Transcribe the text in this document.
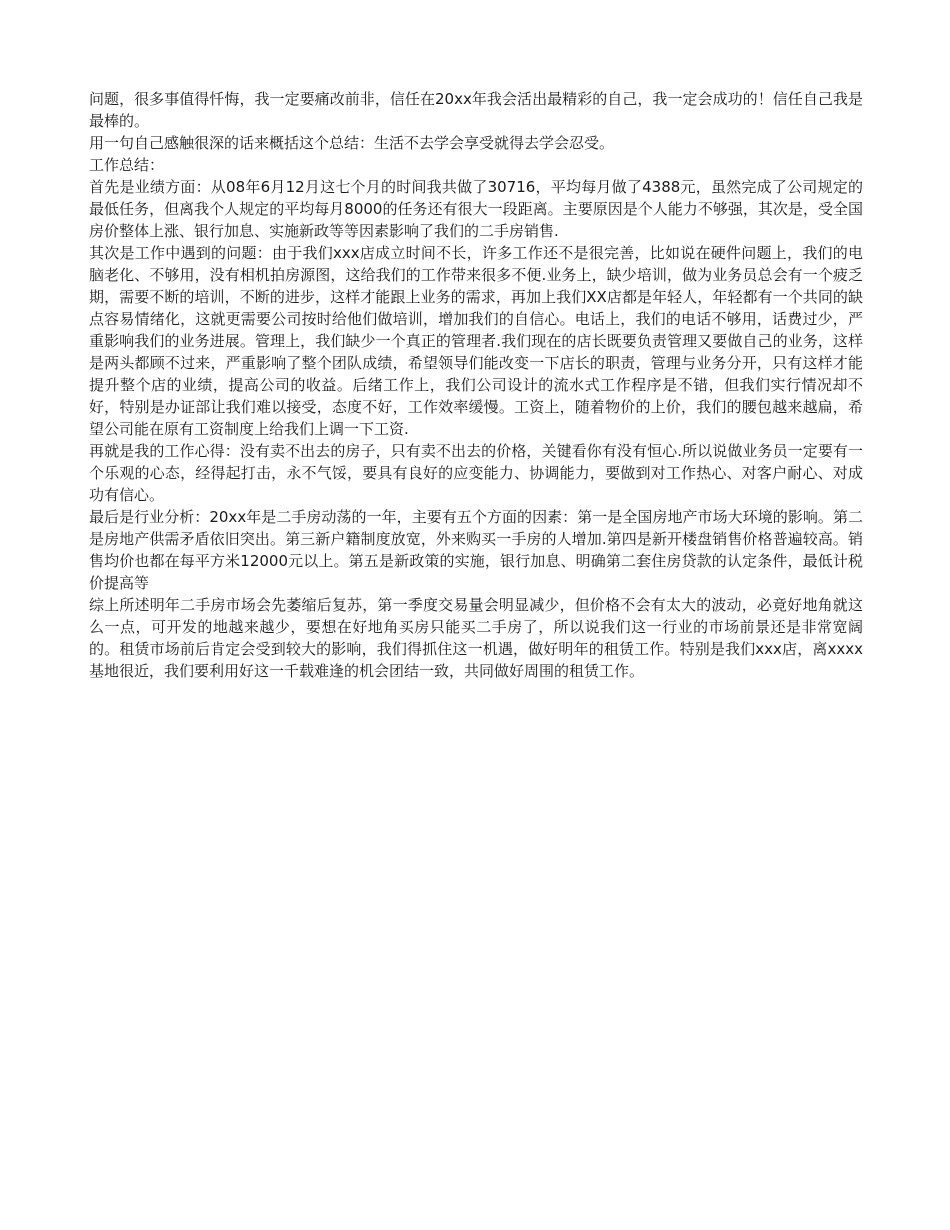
问题，很多事值得忏悔，我一定要痛改前非，信任在20xx年我会活出最精彩的自己，我一定会成功的！信任自己我是最棒的。

用一句自己感触很深的话来概括这个总结：生活不去学会享受就得去学会忍受。

工作总结：

首先是业绩方面：从08年6月12月这七个月的时间我共做了30716，平均每月做了4388元，虽然完成了公司规定的最低任务，但离我个人规定的平均每月8000的任务还有很大一段距离。主要原因是个人能力不够强，其次是，受全国房价整体上涨、银行加息、实施新政等等因素影响了我们的二手房销售.

其次是工作中遇到的问题：由于我们xxx店成立时间不长，许多工作还不是很完善，比如说在硬件问题上，我们的电脑老化、不够用，没有相机拍房源图，这给我们的工作带来很多不便.业务上，缺少培训，做为业务员总会有一个疲乏期，需要不断的培训，不断的进步，这样才能跟上业务的需求，再加上我们XX店都是年轻人，年轻都有一个共同的缺点容易情绪化，这就更需要公司按时给他们做培训，增加我们的自信心。电话上，我们的电话不够用，话费过少，严重影响我们的业务进展。管理上，我们缺少一个真正的管理者.我们现在的店长既要负责管理又要做自己的业务，这样是两头都顾不过来，严重影响了整个团队成绩，希望领导们能改变一下店长的职责，管理与业务分开，只有这样才能提升整个店的业绩，提高公司的收益。后绪工作上，我们公司设计的流水式工作程序是不错，但我们实行情况却不好，特别是办证部让我们难以接受，态度不好，工作效率缓慢。工资上，随着物价的上价，我们的腰包越来越扁，希望公司能在原有工资制度上给我们上调一下工资.

再就是我的工作心得：没有卖不出去的房子，只有卖不出去的价格，关键看你有没有恒心.所以说做业务员一定要有一个乐观的心态，经得起打击，永不气馁，要具有良好的应变能力、协调能力，要做到对工作热心、对客户耐心、对成功有信心。

最后是行业分析：20xx年是二手房动荡的一年，主要有五个方面的因素：第一是全国房地产市场大环境的影响。第二是房地产供需矛盾依旧突出。第三新户籍制度放宽，外来购买一手房的人增加.第四是新开楼盘销售价格普遍较高。销售均价也都在每平方米12000元以上。第五是新政策的实施，银行加息、明确第二套住房贷款的认定条件，最低计税价提高等

综上所述明年二手房市场会先萎缩后复苏，第一季度交易量会明显减少，但价格不会有太大的波动，必竟好地角就这么一点，可开发的地越来越少，要想在好地角买房只能买二手房了，所以说我们这一行业的市场前景还是非常宽阔的。租赁市场前后肯定会受到较大的影响，我们得抓住这一机遇，做好明年的租赁工作。特别是我们xxx店，离xxxx基地很近，我们要利用好这一千载难逢的机会团结一致，共同做好周围的租赁工作。
